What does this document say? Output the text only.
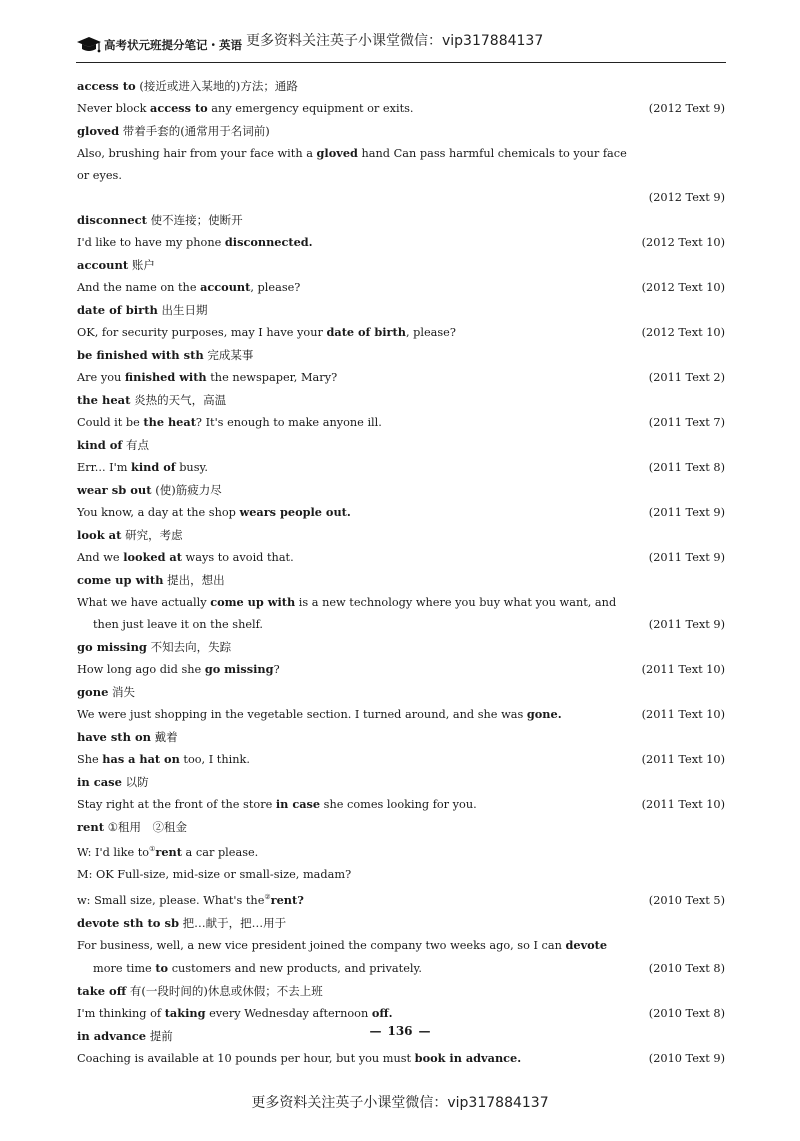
高考状元班提分笔记・英语 更多资料关注英子小课堂微信：vip317884137
access to (接近或进入某地的)方法；通路
Never block access to any emergency equipment or exits.	(2012 Text 9)
gloved 带着手套的(通常用于名词前)
Also, brushing hair from your face with a gloved hand Can pass harmful chemicals to your face or eyes.
(2012 Text 9)
disconnect 使不连接；使断开
I'd like to have my phone disconnected.	(2012 Text 10)
account 账户
And the name on the account, please?	(2012 Text 10)
date of birth 出生日期
OK, for security purposes, may I have your date of birth, please?	(2012 Text 10)
be finished with sth 完成某事
Are you finished with the newspaper, Mary?	(2011 Text 2)
the heat 炎热的天气，高温
Could it be the heat? It's enough to make anyone ill.	(2011 Text 7)
kind of 有点
Err... I'm kind of busy.	(2011 Text 8)
wear sb out (使)筋疲力尽
You know, a day at the shop wears people out.	(2011 Text 9)
look at 研究，考虑
And we looked at ways to avoid that.	(2011 Text 9)
come up with 提出，想出
What we have actually come up with is a new technology where you buy what you want, and then just leave it on the shelf.	(2011 Text 9)
go missing 不知去向，失踪
How long ago did she go missing?	(2011 Text 10)
gone 消失
We were just shopping in the vegetable section. I turned around, and she was gone.	(2011 Text 10)
have sth on 戴着
She has a hat on too, I think.	(2011 Text 10)
in case 以防
Stay right at the front of the store in case she comes looking for you.	(2011 Text 10)
rent ①租用　②租金
W: I'd like to①rent a car please.
M: OK Full-size, mid-size or small-size, madam?
w: Small size, please. What's the②rent?	(2010 Text 5)
devote sth to sb 把…献于，把…用于
For business, well, a new vice president joined the company two weeks ago, so I can devote more time to customers and new products, and privately.	(2010 Text 8)
take off 有(一段时间的)休息或休假；不去上班
I'm thinking of taking every Wednesday afternoon off.	(2010 Text 8)
in advance 提前
Coaching is available at 10 pounds per hour, but you must book in advance.	(2010 Text 9)
— 136 —
更多资料关注英子小课堂微信：vip317884137
